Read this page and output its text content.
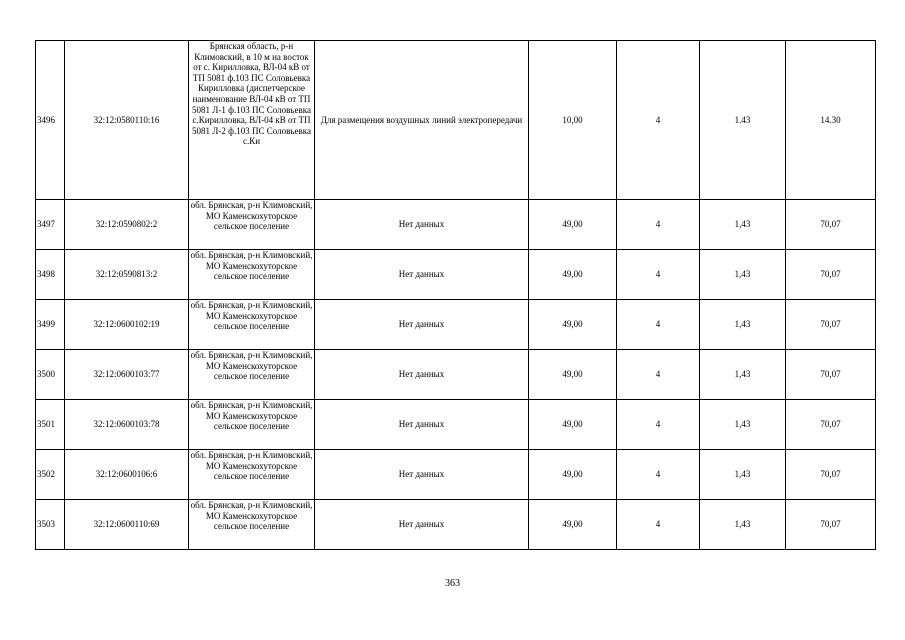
3496	32:12:0580110:16	Брянская область, р-н Климовский, в 10 м на восток от с. Кирилловка, ВЛ-04 кВ от ТП 5081 ф.103 ПС Соловьевка Кирилловка (диспетчерское наименование ВЛ-04 кВ от ТП 5081 Л-1 ф.103 ПС Соловьевка с.Кирилловка, ВЛ-04 кВ от ТП 5081 Л-2 ф.103 ПС Соловьевка с.Ки	Для размещения воздушных линий электропередачи	10,00	4	1.43	14.30
3497	32:12:0590802:2	обл. Брянская, р-н Климовский, МО Каменскохуторское сельское поселение	Нет данных	49,00	4	1,43	70,07
3498	32:12:0590813:2	обл. Брянская, р-н Климовский, МО Каменскохуторское сельское поселение	Нет данных	49,00	4	1,43	70,07
3499	32:12:0600102:19	обл. Брянская, р-н Климовский, МО Каменскохуторское сельское поселение	Нет данных	49,00	4	1,43	70,07
3500	32:12:0600103:77	обл. Брянская, р-н Климовский, МО Каменскохуторское сельское поселение	Нет данных	49,00	4	1,43	70,07
3501	32:12:0600103:78	обл. Брянская, р-н Климовский, МО Каменскохуторское сельское поселение	Нет данных	49,00	4	1,43	70,07
3502	32:12:0600106:6	обл. Брянская, р-н Климовский, МО Каменскохуторское сельское поселение	Нет данных	49,00	4	1,43	70,07
3503	32:12:0600110:69	обл. Брянская, р-н Климовский, МО Каменскохуторское сельское поселение	Нет данных	49,00	4	1,43	70,07
363
